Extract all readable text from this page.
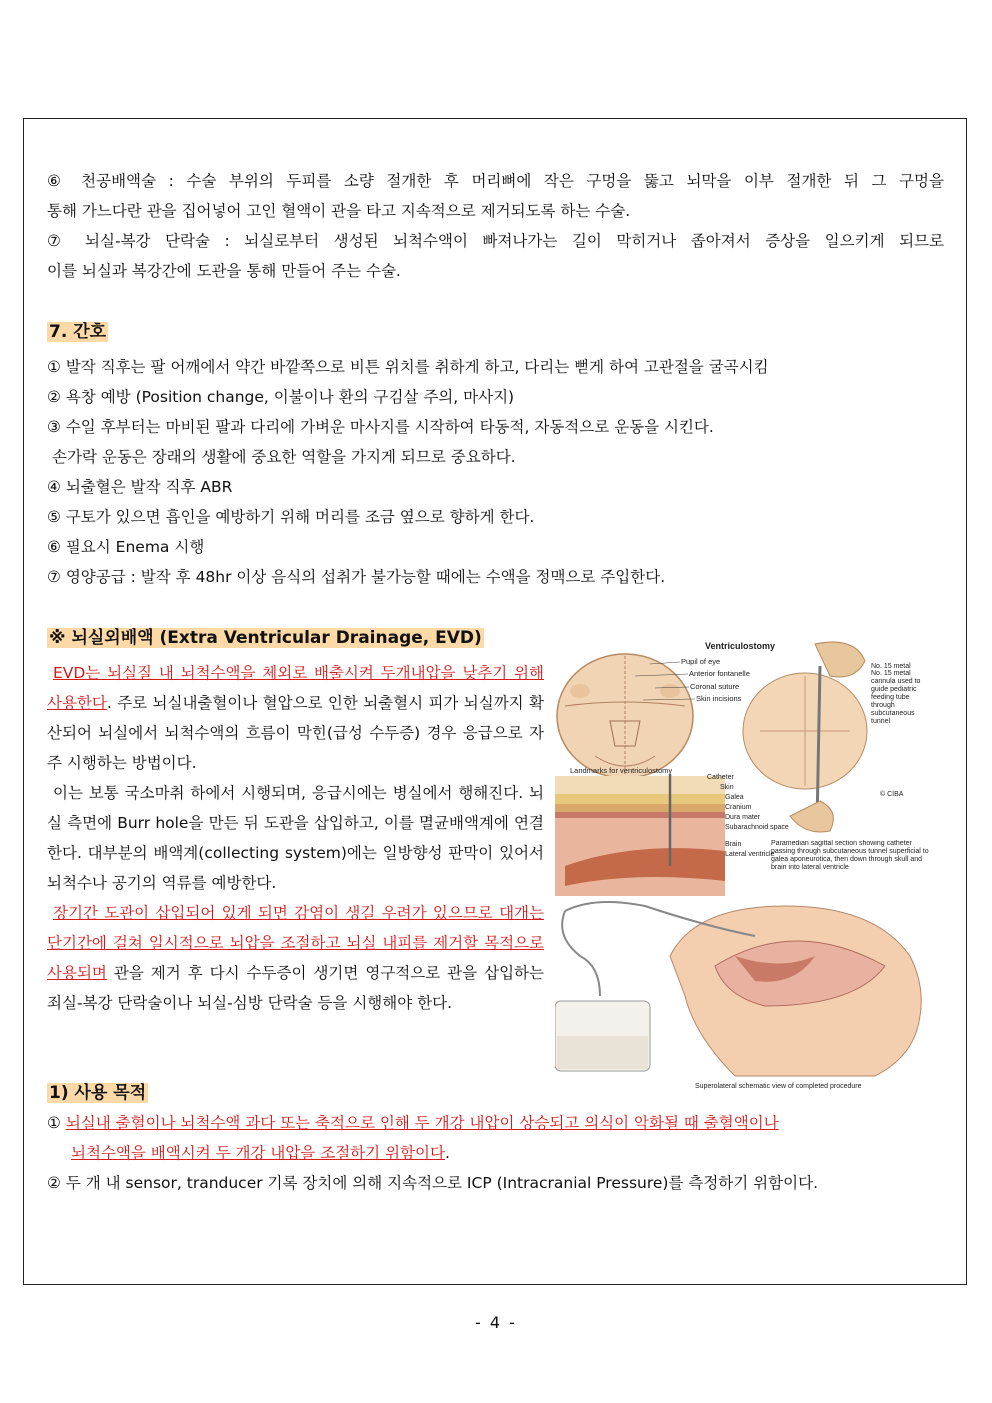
⑥ 천공배액술 : 수술 부위의 두피를 소량 절개한 후 머리뼈에 작은 구멍을 뚫고 뇌막을 이부 절개한 뒤 그 구멍을
통해 가느다란 관을 집어넣어 고인 혈액이 관을 타고 지속적으로 제거되도록 하는 수술.
⑦ 뇌실-복강 단락술 : 뇌실로부터 생성된 뇌척수액이 빠져나가는 길이 막히거나 좁아져서 증상을 일으키게 되므로
이를 뇌실과 복강간에 도관을 통해 만들어 주는 수술.
7. 간호
① 발작 직후는 팔 어깨에서 약간 바깥쪽으로 비튼 위치를 취하게 하고, 다리는 뻗게 하여 고관절을 굴곡시킴
② 욕창 예방 (Position change, 이불이나 환의 구김살 주의, 마사지)
③ 수일 후부터는 마비된 팔과 다리에 가벼운 마사지를 시작하여 타동적, 자동적으로 운동을 시킨다.
손가락 운동은 장래의 생활에 중요한 역할을 가지게 되므로 중요하다.
④ 뇌출혈은 발작 직후 ABR
⑤ 구토가 있으면 흡인을 예방하기 위해 머리를 조금 옆으로 향하게 한다.
⑥ 필요시 Enema 시행
⑦ 영양공급 : 발작 후 48hr 이상 음식의 섭취가 불가능할 때에는 수액을 정맥으로 주입한다.
※ 뇌실외배액 (Extra Ventricular Drainage, EVD)
EVD는 뇌실질 내 뇌척수액을 체외로 배출시켜 두개내압을 낮추기 위해 사용한다. 주로 뇌실내출혈이나 혈압으로 인한 뇌출혈시 피가 뇌실까지 확산되어 뇌실에서 뇌척수액의 흐름이 막힌(급성 수두증) 경우 응급으로 자주 시행하는 방법이다.
이는 보통 국소마취 하에서 시행되며, 응급시에는 병실에서 행해진다. 뇌실 측면에 Burr hole을 만든 뒤 도관을 삽입하고, 이를 멸균배액계에 연결한다. 대부분의 배액계(collecting system)에는 일방향성 판막이 있어서 뇌척수나 공기의 역류를 예방한다.
장기간 도관이 삽입되어 있게 되면 감염이 생길 우려가 있으므로 대개는 단기간에 걸쳐 일시적으로 뇌압을 조절하고 뇌실 내피를 제거할 목적으로 사용되며 관을 제거 후 다시 수두증이 생기면 영구적으로 관을 삽입하는 죄실-복강 단락술이나 뇌실-심방 단락술 등을 시행해야 한다.
Ventriculostomy
Pupil of eye
Anterior fontanelle
Coronal suture
Skin incisions
No. 15 metal
No. 15 metal cannula used to guide pediatric feeding tube through subcutaneous tunnel
Landmarks for ventriculostomy
Catheter
Skin
Galea
Cranium
Dura mater
Subarachnoid space
Brain
Lateral ventricle
© CIBA
Paramedian sagittal section showing catheter passing through subcutaneous tunnel superficial to galea aponeurotica, then down through skull and brain into lateral ventricle
Superolateral schematic view of completed procedure
1) 사용 목적
① 뇌실내 출혈이나 뇌척수액 과다 또는 축적으로 인해 두 개강 내압이 상승되고 의식이 악화될 때 출혈액이나
뇌척수액을 배액시켜 두 개강 내압을 조절하기 위함이다.
② 두 개 내 sensor, tranducer 기록 장치에 의해 지속적으로 ICP (Intracranial Pressure)를 측정하기 위함이다.
- 4 -
